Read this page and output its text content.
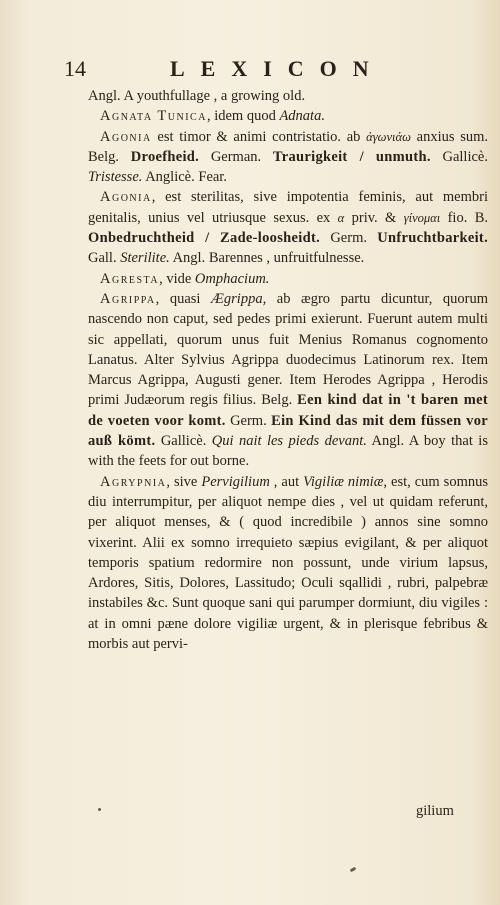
14	LEXICON

Angl. A youthfullage , a growing old.

Agnata Tunica, idem quod Adnata.

Agonia est timor & animi contristatio. ab ἀγωνιάω anxius sum. Belg. Droefheid. German. Traurigkeit / unmuth. Gallicè. Tristesse. Anglicè. Fear.

Agonia, est sterilitas, sive impotentia feminis, aut membri genitalis, unius vel utriusque sexus. ex α priv. & γίνομαι fio. B. Onbedruchtheid / Zade-loosheidt. Germ. Unfruchtbarkeit. Gall. Sterilite. Angl. Barennes , unfruitfulnesse.

Agresta, vide Omphacium.

Agrippa, quasi Ægrippa, ab ægro partu dicuntur, quorum nascendo non caput, sed pedes primi exierunt. Fuerunt autem multi sic appellati, quorum unus fuit Menius Romanus cognomento Lanatus. Alter Sylvius Agrippa duodecimus Latinorum rex. Item Marcus Agrippa, Augusti gener. Item Herodes Agrippa , Herodis primi Judæorum regis filius. Belg. Een kind dat in 't baren met de voeten voor komt. Germ. Ein Kind das mit dem füssen vor auß kömt. Gallicè. Qui nait les pieds devant. Angl. A boy that is with the feets for out borne.

Agrypnia, sive Pervigilium , aut Vigiliæ nimiæ, est, cum somnus diu interrumpitur, per aliquot nempe dies , vel ut quidam referunt, per aliquot menses, & ( quod incredibile ) annos sine somno vixerint. Alii ex somno irrequieto sæpius evigilant, & per aliquot temporis spatium redormire non possunt, unde virium lapsus, Ardores, Sitis, Dolores, Lassitudo; Oculi sqallidi , rubri, palpebræ instabiles &c. Sunt quoque sani qui parumper dormiunt, diu vigiles : at in omni pæne dolore vigiliæ urgent, & in plerisque febribus & morbis aut pervi-

gilium
